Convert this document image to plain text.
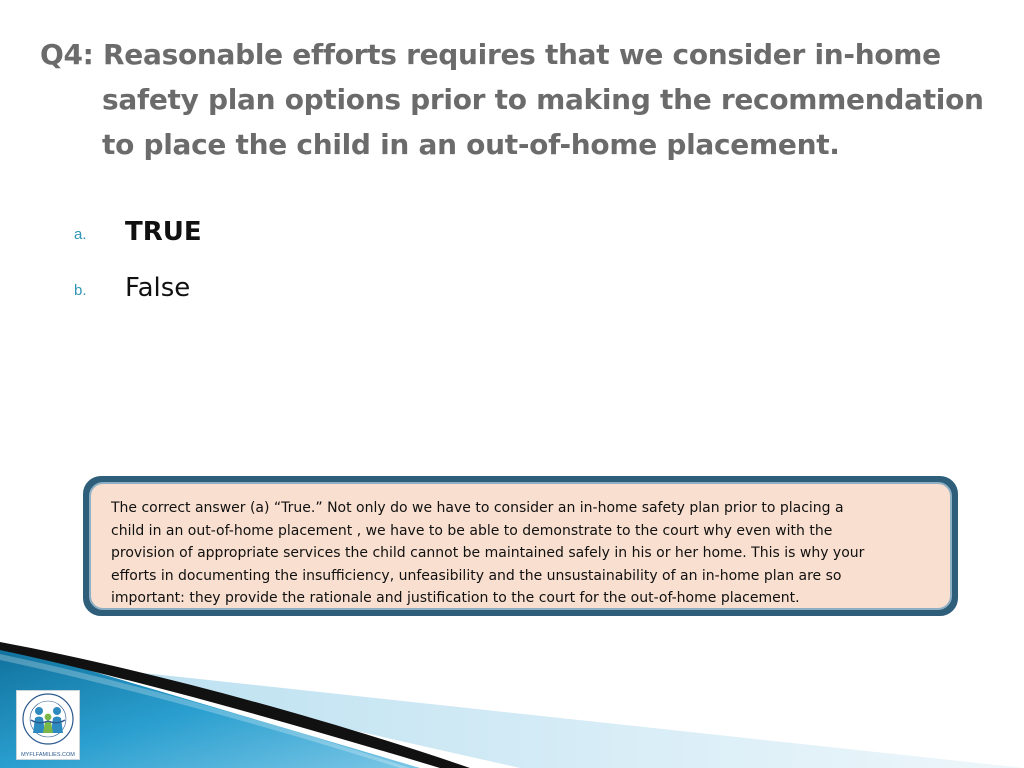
Q4: Reasonable efforts requires that we consider in-home
safety plan options prior to making the recommendation
to place the child in an out-of-home placement.
a. TRUE
b. False
The correct answer (a) “True.” Not only do we have to consider an in-home safety plan prior to placing a
child in an out-of-home placement , we have to be able to demonstrate to the court why even with the
provision of appropriate services the child cannot be maintained safely in his or her home. This is why your
efforts in documenting the insufficiency, unfeasibility and the unsustainability of an in-home plan are so
important: they provide the rationale and justification to the court for the out-of-home placement.
MYFLFAMILIES.COM
